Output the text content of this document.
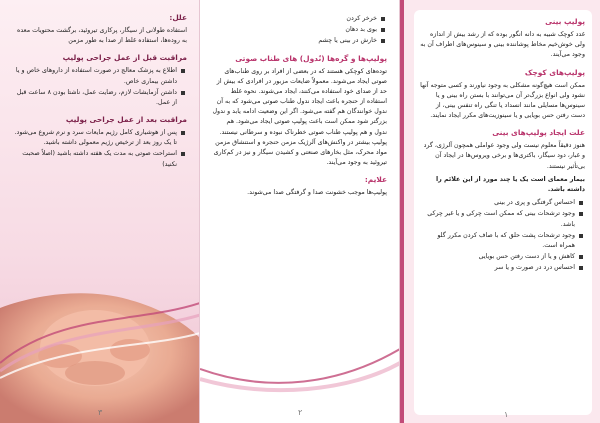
علل:

استفاده طولانی از سیگار، پرکاری تیروئید، برگشت محتویات معده به روده‌ها، استفاده غلط از صدا به طور مزمن

مراقبت قبل از عمل جراحی پولیپ
اطلاع به پزشک معالج در صورت استفاده از داروهای خاص و یا داشتن بیماری خاص.
داشتن آزمایشات لازم، رضایت عمل، ناشتا بودن ۸ ساعت قبل از عمل.
مراقبت بعد از عمل جراحی پولیپ
پس از هوشیاری کامل رژیم مایعات سرد و نرم شروع می‌شود. تا یک روز بعد از ترخیص رژیم معمولی داشته باشید.
استراحت صوتی به مدت یک هفته داشته باشید (اصلاً صحبت نکنید)
۳
خرخر کردن
بوی بد دهان
خارش در بینی یا چشم
پولیپ‌ها و گره‌ها (نُدول) های طناب صوتی

توده‌های کوچکی هستند که در بعضی از افراد بر روی طناب‌های صوتی ایجاد می‌شوند. معمولاً ضایعات مزبور در افرادی که بیش از حد از صدای خود استفاده می‌کنند، ایجاد می‌شوند. نحوه غلط استفاده از حنجره باعث ایجاد ندول طناب صوتی می‌شود که به آن ندول خوانندگان هم گفته می‌شود. اگر این وضعیت ادامه یابد و ندول بزرگتر شود ممکن است باعث پولیپ صوتی ایجاد می‌شود. هم ندول و هم پولیپ طناب صوتی خطرناک نبوده و سرطانی نیستند. پولیپ بیشتر در واکنش‌های آلرژیک مزمن حنجره و استنشاق مزمن مواد محرک، مثل بخارهای صنعتی و کشیدن سیگار و نیز در کم‌کاری تیروئید به وجود می‌آیند.

علایم:

پولیپ‌ها موجب خشونت صدا و گرفتگی صدا می‌شوند.

۲
پولیپ بینی

غدد کوچک شبیه به دانه انگور بوده که از رشد بیش از اندازه ولی خوش‌خیم مخاط پوشاننده بینی و سینوس‌های اطراف آن به وجود می‌آیند.

پولیپ‌های کوچک

ممکن است هیچ‌گونه مشکلی به وجود نیاورند و کسی متوجه آنها نشود ولی انواع بزرگ‌تر آن می‌توانند با بستن راه بینی و یا سینوس‌ها مسایلی مانند انسداد یا تنگی راه تنفس بینی، از دست رفتن حس بویایی و یا سینوزیت‌های مکرر ایجاد نمایند.

علت ایجاد پولیپ‌های بینی

هنوز دقیقاً معلوم نیست ولی وجود عواملی همچون آلرژی، گرد و غبار، دود سیگار، باکتری‌ها و برخی ویروس‌ها در ایجاد آن بی‌تأثیر نیستند.

بیمار معمای است یک یا چند مورد از این علائم را داشته باشد.

احساس گرفتگی و پری در بینی
وجود ترشحات بینی که ممکن است چرکی و یا غیر چرکی باشد.
وجود ترشحات پشت حلق که با صاف کردن مکرر گلو همراه است.
کاهش و یا از دست رفتن حس بویایی
احساس درد در صورت و یا سر
۱
